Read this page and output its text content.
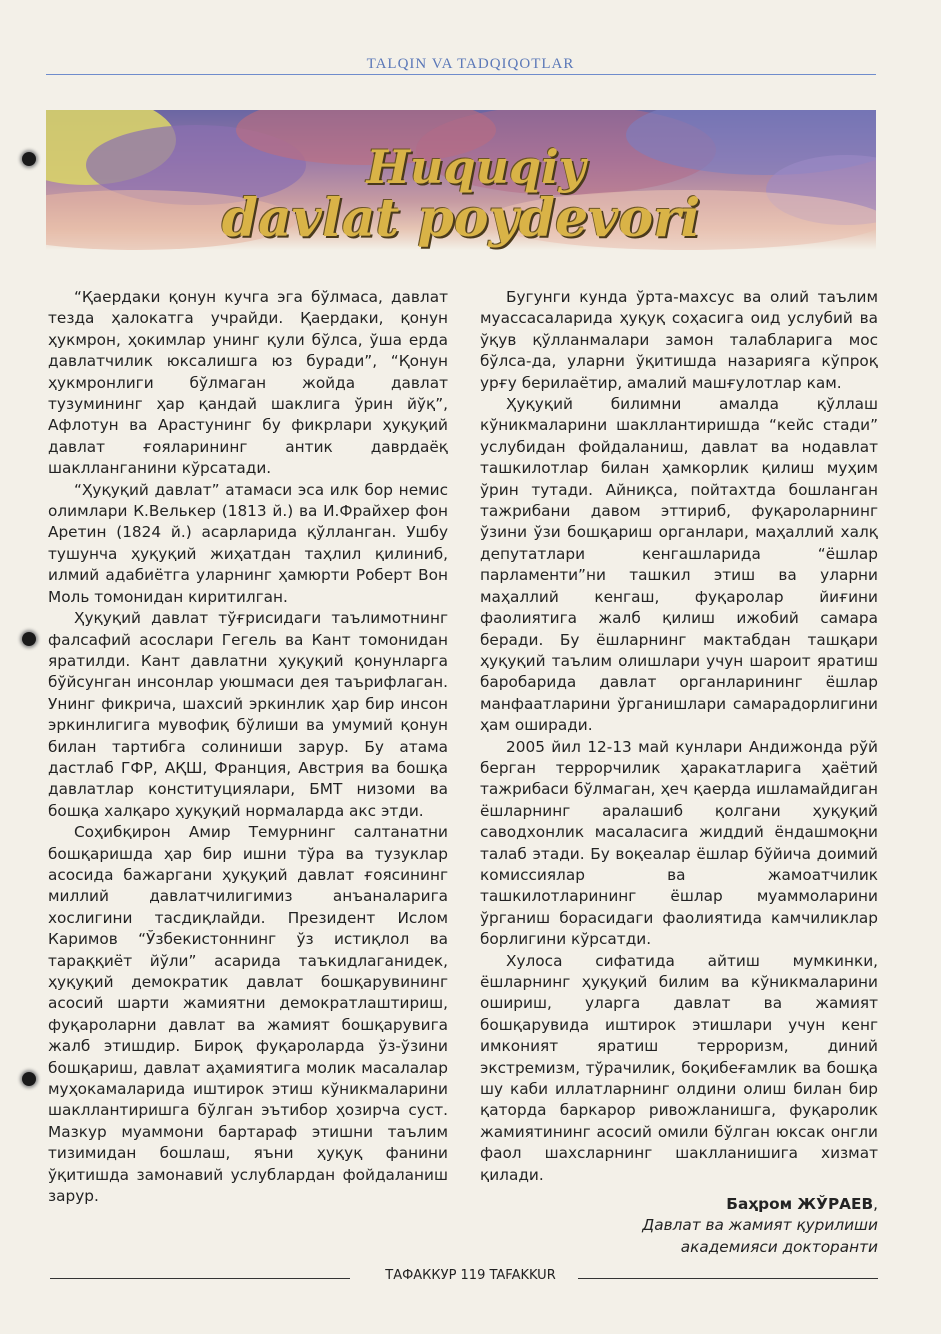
TALQIN VA TADQIQOTLAR
Huquqiy
davlat poydevori

“Қаердаки қонун кучга эга бўлмаса, давлат тезда ҳалокатга учрайди. Қаердаки, қонун ҳукмрон, ҳокимлар унинг қули бўлса, ўша ерда давлатчилик юксалишга юз буради”, “Қонун ҳукмронлиги бўлмаган жойда давлат тузумининг ҳар қандай шаклига ўрин йўқ”, Афлотун ва Арастунинг бу фикрлари ҳуқуқий давлат ғояларининг антик даврдаёқ шаклланганини кўрсатади.

“Ҳуқуқий давлат” атамаси эса илк бор немис олимлари К.Велькер (1813 й.) ва И.Фрайхер фон Аретин (1824 й.) асарларида қўлланган. Ушбу тушунча ҳуқуқий жиҳатдан таҳлил қилиниб, илмий адабиётга уларнинг ҳамюрти Роберт Вон Моль томонидан киритилган.

Ҳуқуқий давлат тўғрисидаги таълимотнинг фалсафий асослари Гегель ва Кант томонидан яратилди. Кант давлатни ҳуқуқий қонунларга бўйсунган инсонлар уюшмаси дея таърифлаган. Унинг фикрича, шахсий эркинлик ҳар бир инсон эркинлигига мувофиқ бўлиши ва умумий қонун билан тартибга солиниши зарур. Бу атама дастлаб ГФР, АҚШ, Франция, Австрия ва бошқа давлатлар конституциялари, БМТ низоми ва бошқа халқаро ҳуқуқий нормаларда акс этди.

Соҳибқирон Амир Темурнинг салтанатни бошқаришда ҳар бир ишни тўра ва тузуклар асосида бажаргани ҳуқуқий давлат ғоясининг миллий давлатчилигимиз анъаналарига хослигини тасдиқлайди. Президент Ислом Каримов “Ўзбекистоннинг ўз истиқлол ва тараққиёт йўли” асарида таъкидлаганидек, ҳуқуқий демократик давлат бошқарувининг асосий шарти жамиятни демократлаштириш, фуқароларни давлат ва жамият бошқарувига жалб этишдир. Бироқ фуқароларда ўз-ўзини бошқариш, давлат аҳамиятига молик масалалар муҳокамаларида иштирок этиш кўникмаларини шакллантиришга бўлган эътибор ҳозирча суст. Мазкур муаммони бартараф этишни таълим тизимидан бошлаш, яъни ҳуқуқ фанини ўқитишда замонавий услублардан фойдаланиш зарур.

Бугунги кунда ўрта-махсус ва олий таълим муассасаларида ҳуқуқ соҳасига оид услубий ва ўқув қўлланмалари замон талабларига мос бўлса-да, уларни ўқитишда назарияга кўпроқ урғу берилаётир, амалий машғулотлар кам.

Ҳуқуқий билимни амалда қўллаш кўникмаларини шакллантиришда “кейс стади” услубидан фойдаланиш, давлат ва нодавлат ташкилотлар билан ҳамкорлик қилиш муҳим ўрин тутади. Айниқса, пойтахтда бошланган тажрибани давом эттириб, фуқароларнинг ўзини ўзи бошқариш органлари, маҳаллий халқ депутатлари кенгашларида “ёшлар парламенти”ни ташкил этиш ва уларни маҳаллий кенгаш, фуқаролар йиғини фаолиятига жалб қилиш ижобий самара беради. Бу ёшларнинг мактабдан ташқари ҳуқуқий таълим олишлари учун шароит яратиш баробарида давлат органларининг ёшлар манфаатларини ўрганишлари самарадорлигини ҳам оширади.

2005 йил 12-13 май кунлари Андижонда рўй берган террорчилик ҳаракатларига ҳаётий тажрибаси бўлмаган, ҳеч қаерда ишламайдиган ёшларнинг аралашиб қолгани ҳуқуқий саводхонлик масаласига жиддий ёндашмоқни талаб этади. Бу воқеалар ёшлар бўйича доимий комиссиялар ва жамоатчилик ташкилотларининг ёшлар муаммоларини ўрганиш борасидаги фаолиятида камчиликлар борлигини кўрсатди.

Хулоса сифатида айтиш мумкинки, ёшларнинг ҳуқуқий билим ва кўникмаларини ошириш, уларга давлат ва жамият бошқарувида иштирок этишлари учун кенг имконият яратиш терроризм, диний экстремизм, тўрачилик, боқибеғамлик ва бошқа шу каби иллатларнинг олдини олиш билан бир қаторда баркарор ривожланишга, фуқаролик жамиятининг асосий омили бўлган юксак онгли фаол шахсларнинг шаклланишига хизмат қилади.

Баҳром ЖЎРАЕВ,
Давлат ва жамият қурилиши
академияси докторанти
ТАФАККУР 119 TAFAKKUR
